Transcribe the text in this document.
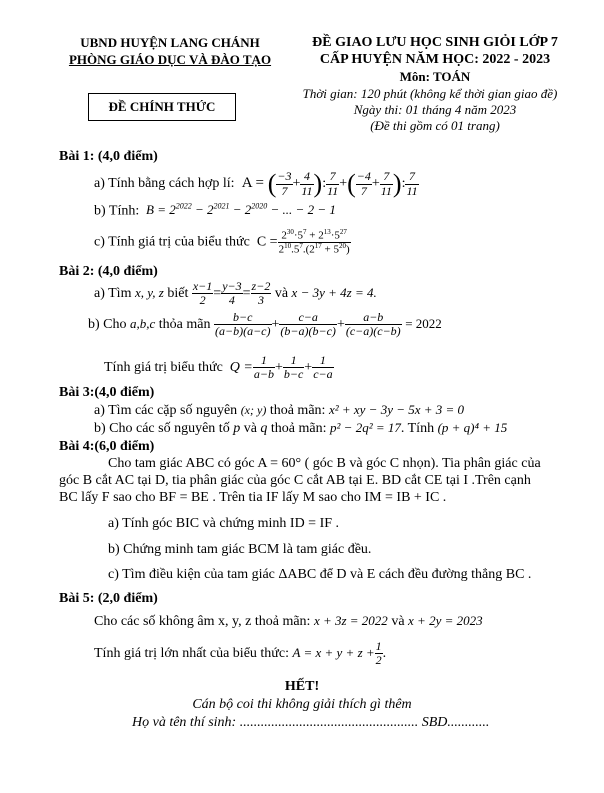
UBND HUYỆN LANG CHÁNH
PHÒNG GIÁO DỤC VÀ ĐÀO TẠO
ĐỀ CHÍNH THỨC
ĐỀ GIAO LƯU HỌC SINH GIỎI LỚP 7
CẤP HUYỆN NĂM HỌC: 2022 - 2023
Môn: TOÁN
Thời gian: 120 phút (không kể thời gian giao đề)
Ngày thi: 01 tháng 4 năm 2023
(Đề thi gồm có 01 trang)
Bài 1: (4,0 điểm)
a) Tính bằng cách hợp lí:  A = ( $\frac{-3}{7} + \frac{4}{11}$ ): $\frac{7}{11}$ +( $\frac{-4}{7} + \frac{7}{11}$ ): $\frac{7}{11}$
b) Tính:  $B = 2^{2022} - 2^{2021} - 2^{2020}$ − ... − 2 − 1
c) Tính giá trị của biểu thức  $C = \frac{2^{30}\cdot 5^7 + 2^{13}\cdot 5^{27}}{2^{10}.5^7.(2^{17} + 5^{20})}$
Bài 2: (4,0 điểm)
a) Tìm x, y, z biết $\frac{x-1}{2} = \frac{y-3}{4} = \frac{z-2}{3}$ và x − 3y + 4z = 4.
b) Cho a,b,c thỏa mãn $\frac{b-c}{(a-b)(a-c)} + \frac{c-a}{(b-a)(b-c)} + \frac{a-b}{(c-a)(c-b)} = 2022$
Tính giá trị biểu thức  $Q = \frac{1}{a-b} + \frac{1}{b-c} + \frac{1}{c-a}$
Bài 3:(4,0 điểm)
a) Tìm các cặp số nguyên (x; y) thoả mãn: x² + xy − 3y − 5x + 3 = 0
b) Cho các số nguyên tố p và q thoả mãn: p² − 2q² = 17. Tính (p + q)⁴ + 15
Bài 4:(6,0 điểm)
Cho tam giác ABC có góc A = 60° ( góc B và góc C nhọn). Tia phân giác của
góc B cắt AC tại D, tia phân giác của góc C cắt AB tại E. BD cắt CE tại I .Trên cạnh
BC lấy F sao cho BF = BE . Trên tia IF lấy M sao cho IM = IB + IC .
a) Tính góc BIC và chứng minh ID = IF .
b) Chứng minh tam giác BCM là tam giác đều.
c) Tìm điều kiện của tam giác ΔABC để D và E cách đều đường thẳng BC .
Bài 5: (2,0 điểm)
Cho các số không âm x, y, z thoả mãn: x + 3z = 2022 và x + 2y = 2023
Tính giá trị lớn nhất của biểu thức: $A = x + y + z + \frac{1}{2}$ .
HẾT!
Cán bộ coi thi không giải thích gì thêm
Họ và tên thí sinh: ................................................... SBD............
